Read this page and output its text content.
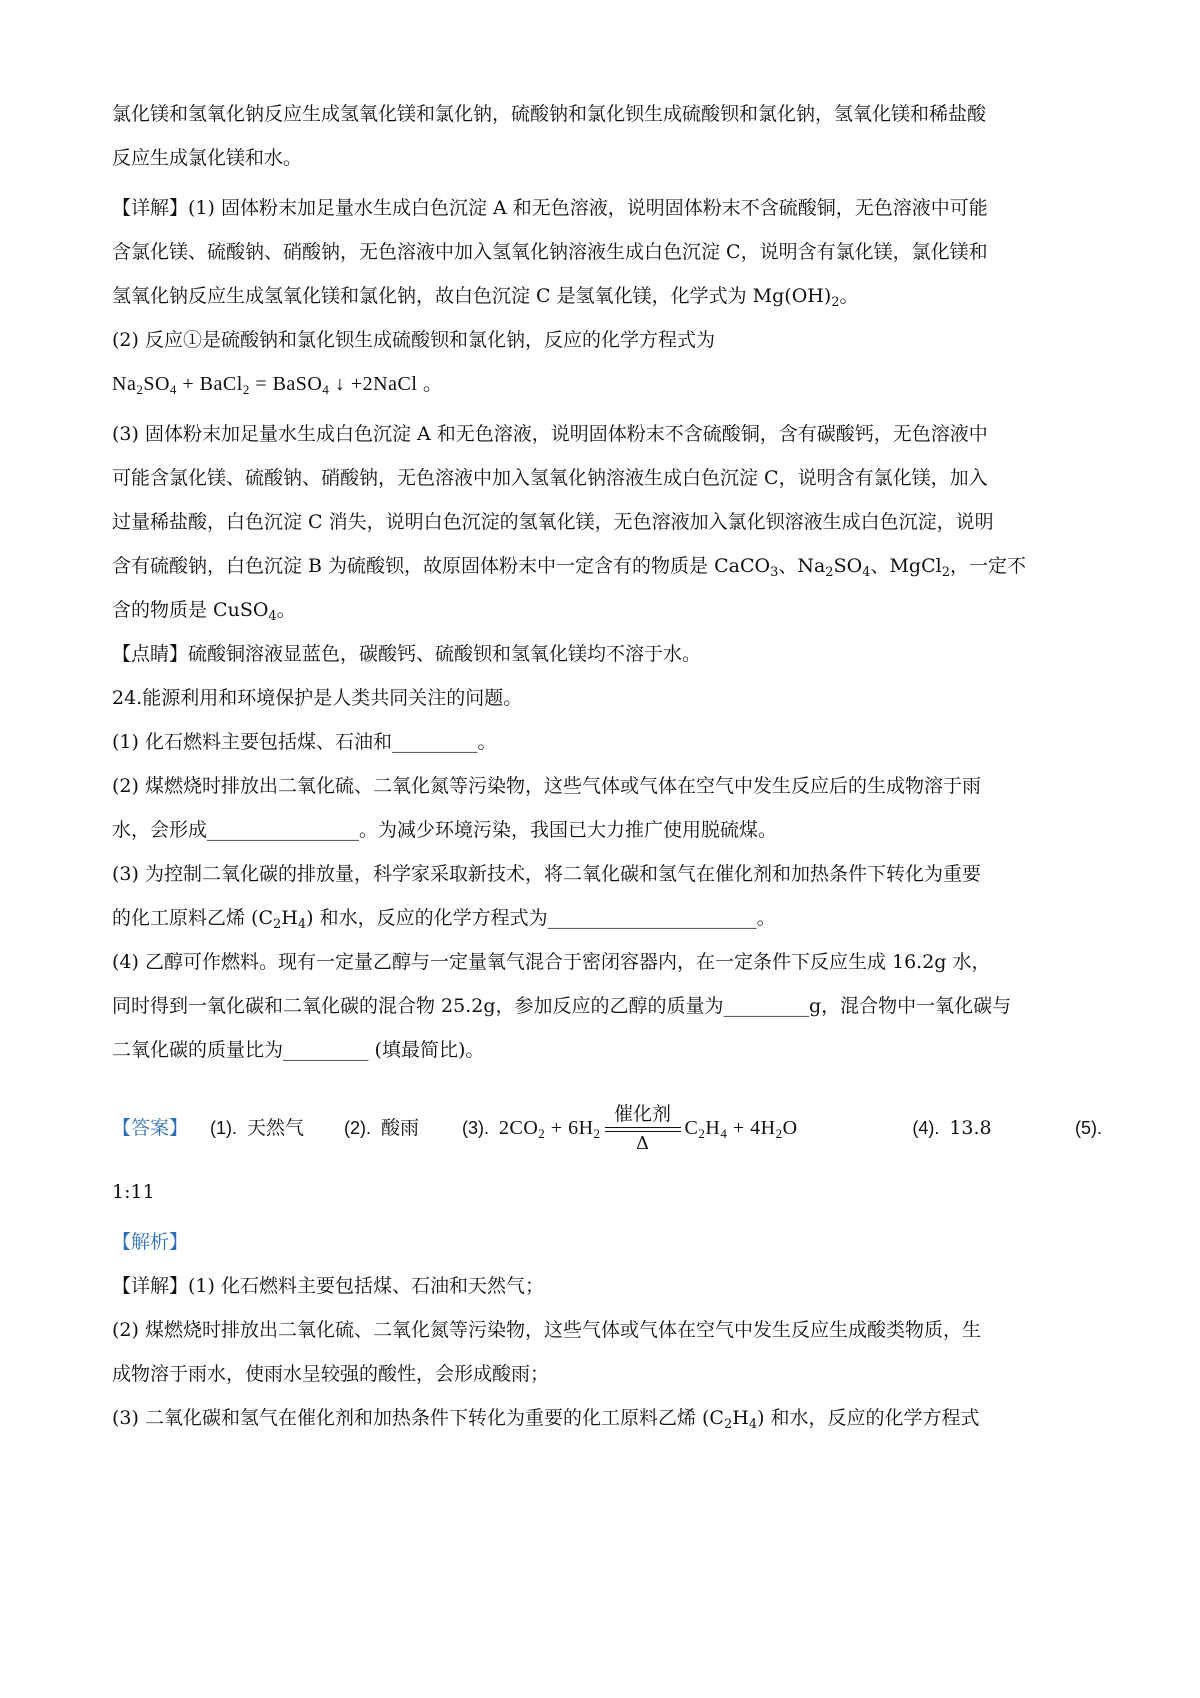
氯化镁和氢氧化钠反应生成氢氧化镁和氯化钠，硫酸钠和氯化钡生成硫酸钡和氯化钠，氢氧化镁和稀盐酸

反应生成氯化镁和水。

【详解】(1) 固体粉末加足量水生成白色沉淀 A 和无色溶液，说明固体粉末不含硫酸铜，无色溶液中可能

含氯化镁、硫酸钠、硝酸钠，无色溶液中加入氢氧化钠溶液生成白色沉淀 C，说明含有氯化镁，氯化镁和

氢氧化钠反应生成氢氧化镁和氯化钠，故白色沉淀 C 是氢氧化镁，化学式为 $Mg(OH)_2$。

(2) 反应①是硫酸钠和氯化钡生成硫酸钡和氯化钠，反应的化学方程式为

$Na_2SO_4$ + BaCl$_2$ = BaSO$_4$ ↓ +2NaCl 。

(3) 固体粉末加足量水生成白色沉淀 A 和无色溶液，说明固体粉末不含硫酸铜，含有碳酸钙，无色溶液中

可能含氯化镁、硫酸钠、硝酸钠，无色溶液中加入氢氧化钠溶液生成白色沉淀 C，说明含有氯化镁，加入

过量稀盐酸，白色沉淀 C 消失，说明白色沉淀的氢氧化镁，无色溶液加入氯化钡溶液生成白色沉淀，说明

含有硫酸钠，白色沉淀 B 为硫酸钡，故原固体粉末中一定含有的物质是 CaCO$_3$、$Na_2SO_4$、MgCl$_2$，一定不

含的物质是 CuSO$_4$。

【点睛】硫酸铜溶液显蓝色，碳酸钙、硫酸钡和氢氧化镁均不溶于水。

24.能源利用和环境保护是人类共同关注的问题。

(1) 化石燃料主要包括煤、石油和_________。

(2) 煤燃烧时排放出二氧化硫、二氧化氮等污染物，这些气体或气体在空气中发生反应后的生成物溶于雨

水，会形成________________。为减少环境污染，我国已大力推广使用脱硫煤。

(3) 为控制二氧化碳的排放量，科学家采取新技术，将二氧化碳和氢气在催化剂和加热条件下转化为重要

的化工原料乙烯 $(C_2H_4)$ 和水，反应的化学方程式为______________________。

(4) 乙醇可作燃料。现有一定量乙醇与一定量氧气混合于密闭容器内，在一定条件下反应生成 16.2g 水，

同时得到一氧化碳和二氧化碳的混合物 25.2g，参加反应的乙醇的质量为_________g，混合物中一氧化碳与

二氧化碳的质量比为_________ (填最简比)。

【答案】	(1). 天然气 (2). 酸雨 (3). $2CO_2 + 6H_2$
催化剂
Δ
$C_2H_4 + 4H_2O$	(4). 13.8	(5).

1:11

【解析】

【详解】(1) 化石燃料主要包括煤、石油和天然气；

(2) 煤燃烧时排放出二氧化硫、二氧化氮等污染物，这些气体或气体在空气中发生反应生成酸类物质，生

成物溶于雨水，使雨水呈较强的酸性，会形成酸雨；

(3) 二氧化碳和氢气在催化剂和加热条件下转化为重要的化工原料乙烯 $(C_2H_4)$ 和水，反应的化学方程式
